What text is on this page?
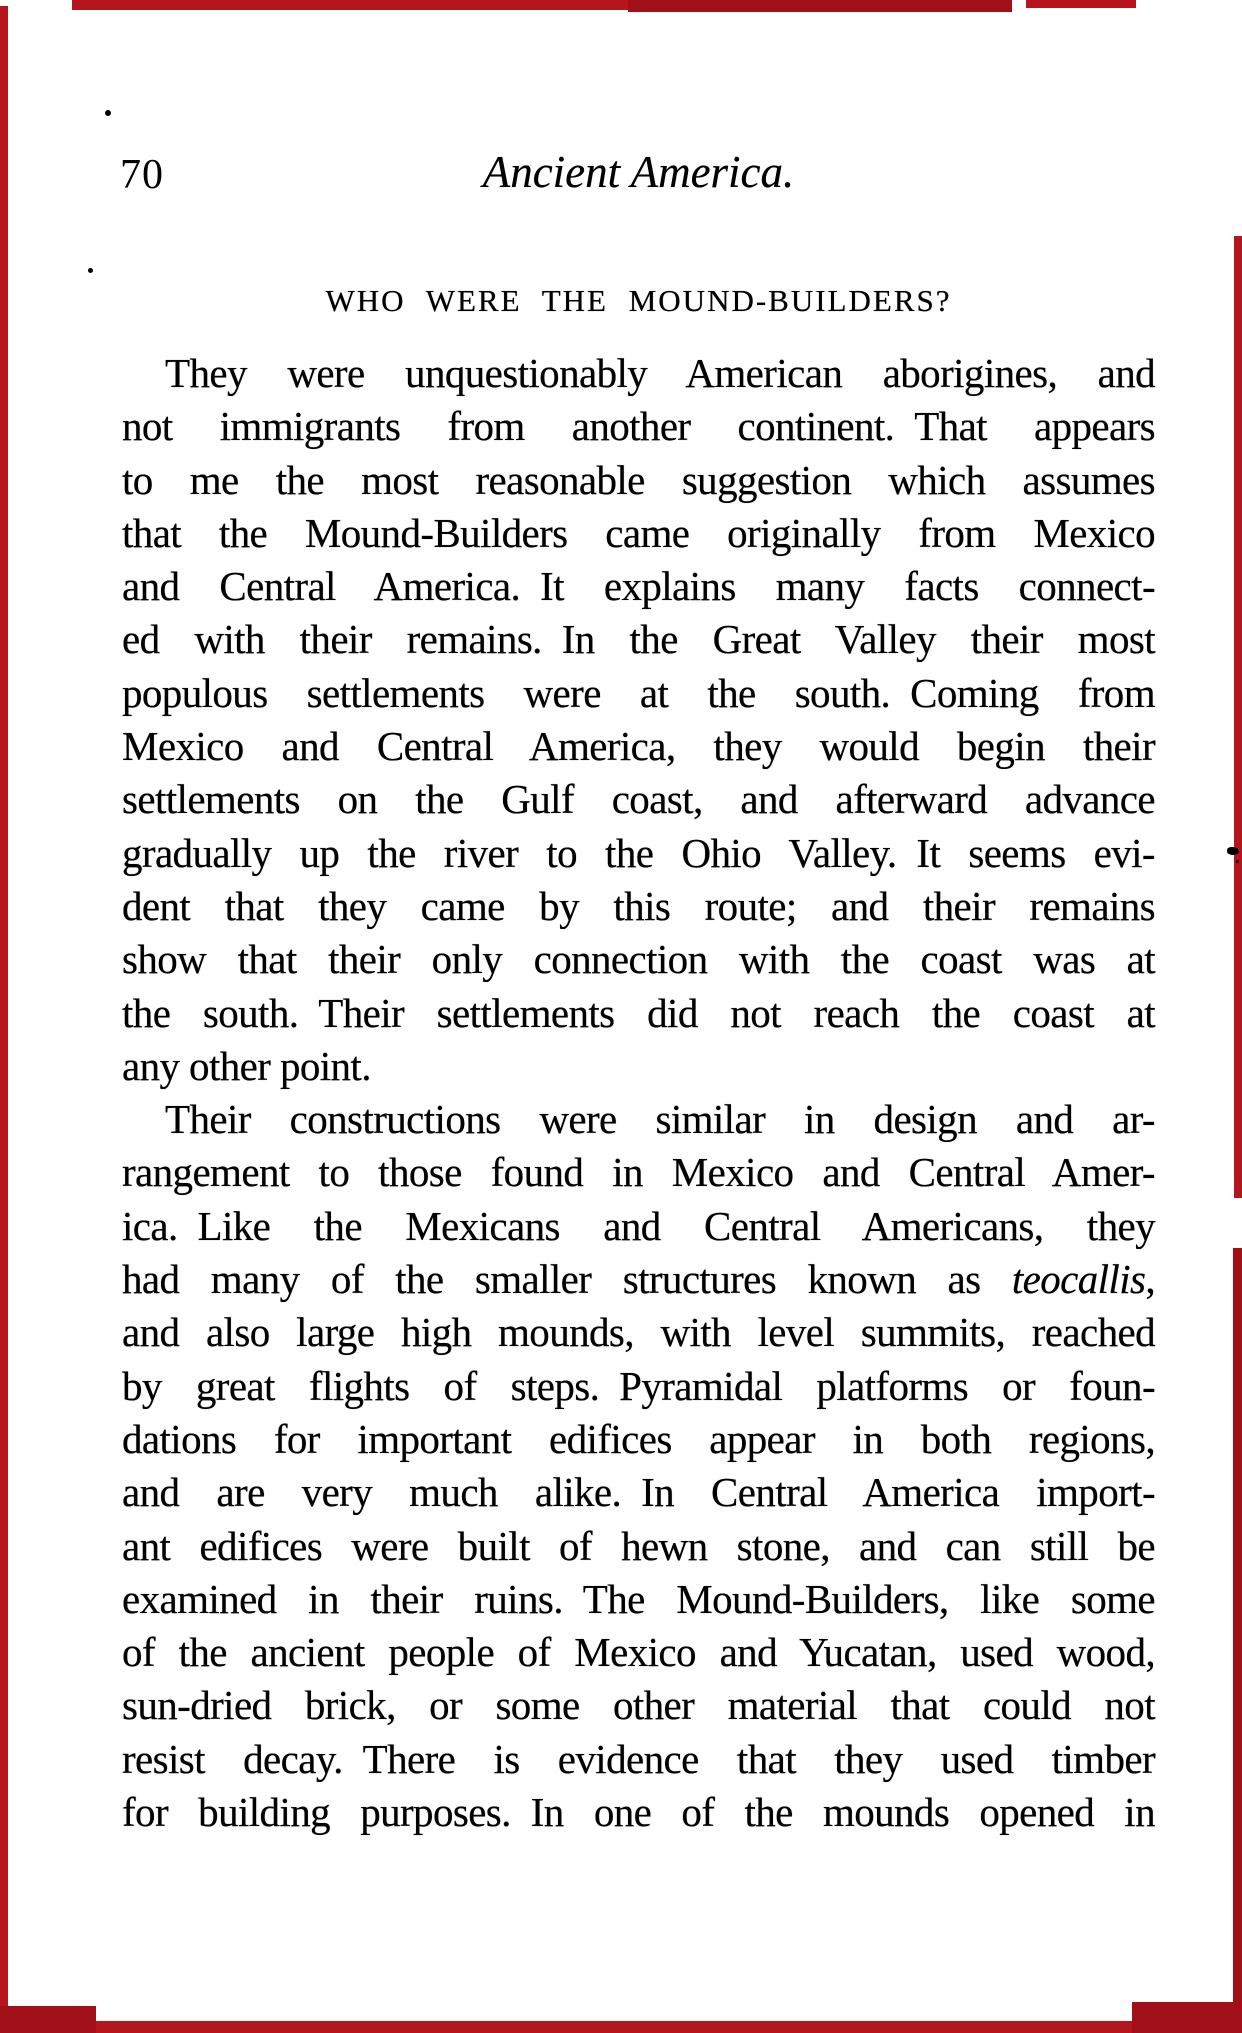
70	Ancient America.
WHO WERE THE MOUND-BUILDERS?
They were unquestionably American aborigines, and
not immigrants from another continent. That appears
to me the most reasonable suggestion which assumes
that the Mound-Builders came originally from Mexico
and Central America. It explains many facts connect-
ed with their remains. In the Great Valley their most
populous settlements were at the south. Coming from
Mexico and Central America, they would begin their
settlements on the Gulf coast, and afterward advance
gradually up the river to the Ohio Valley. It seems evi-
dent that they came by this route; and their remains
show that their only connection with the coast was at
the south. Their settlements did not reach the coast at
any other point.
Their constructions were similar in design and ar-
rangement to those found in Mexico and Central Amer-
ica. Like the Mexicans and Central Americans, they
had many of the smaller structures known as teocallis,
and also large high mounds, with level summits, reached
by great flights of steps. Pyramidal platforms or foun-
dations for important edifices appear in both regions,
and are very much alike. In Central America import-
ant edifices were built of hewn stone, and can still be
examined in their ruins. The Mound-Builders, like some
of the ancient people of Mexico and Yucatan, used wood,
sun-dried brick, or some other material that could not
resist decay. There is evidence that they used timber
for building purposes. In one of the mounds opened in
